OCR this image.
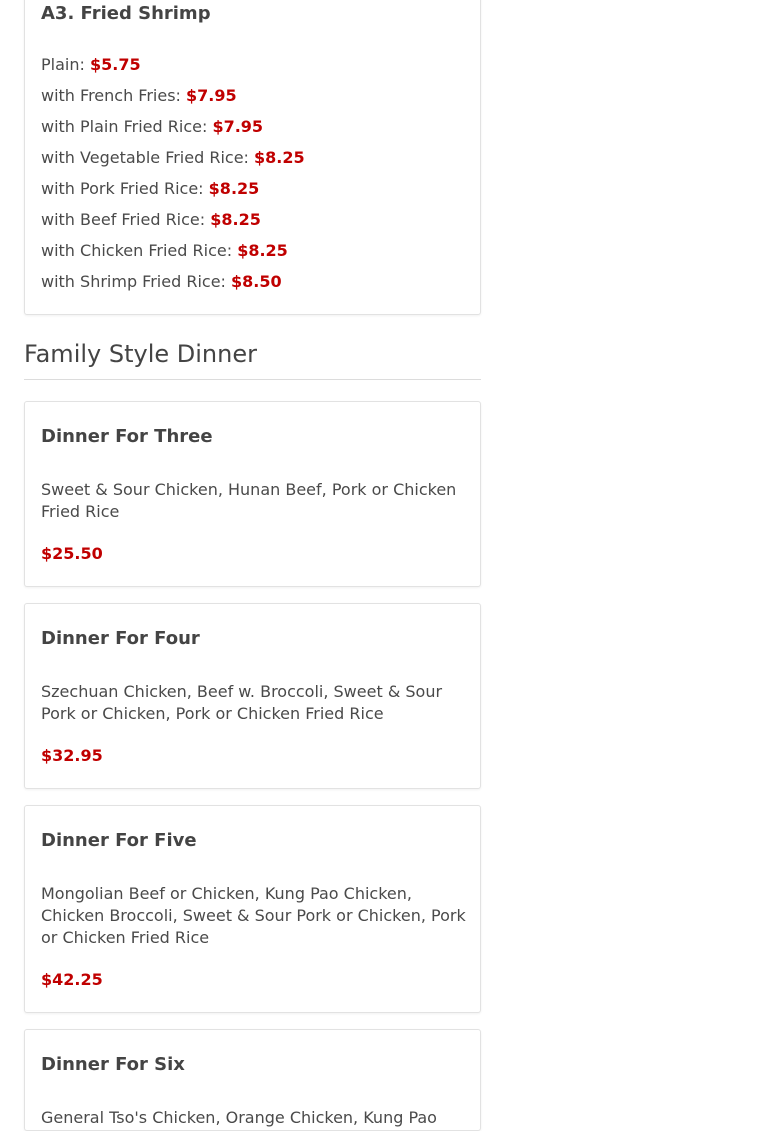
A3. Fried Shrimp
Plain: $5.75
with French Fries: $7.95
with Plain Fried Rice: $7.95
with Vegetable Fried Rice: $8.25
with Pork Fried Rice: $8.25
with Beef Fried Rice: $8.25
with Chicken Fried Rice: $8.25
with Shrimp Fried Rice: $8.50
Family Style Dinner
Dinner For Three
Sweet & Sour Chicken, Hunan Beef, Pork or Chicken Fried Rice
$25.50
Dinner For Four
Szechuan Chicken, Beef w. Broccoli, Sweet & Sour Pork or Chicken, Pork or Chicken Fried Rice
$32.95
Dinner For Five
Mongolian Beef or Chicken, Kung Pao Chicken, Chicken Broccoli, Sweet & Sour Pork or Chicken, Pork or Chicken Fried Rice
$42.25
Dinner For Six
General Tso's Chicken, Orange Chicken, Kung Pao
